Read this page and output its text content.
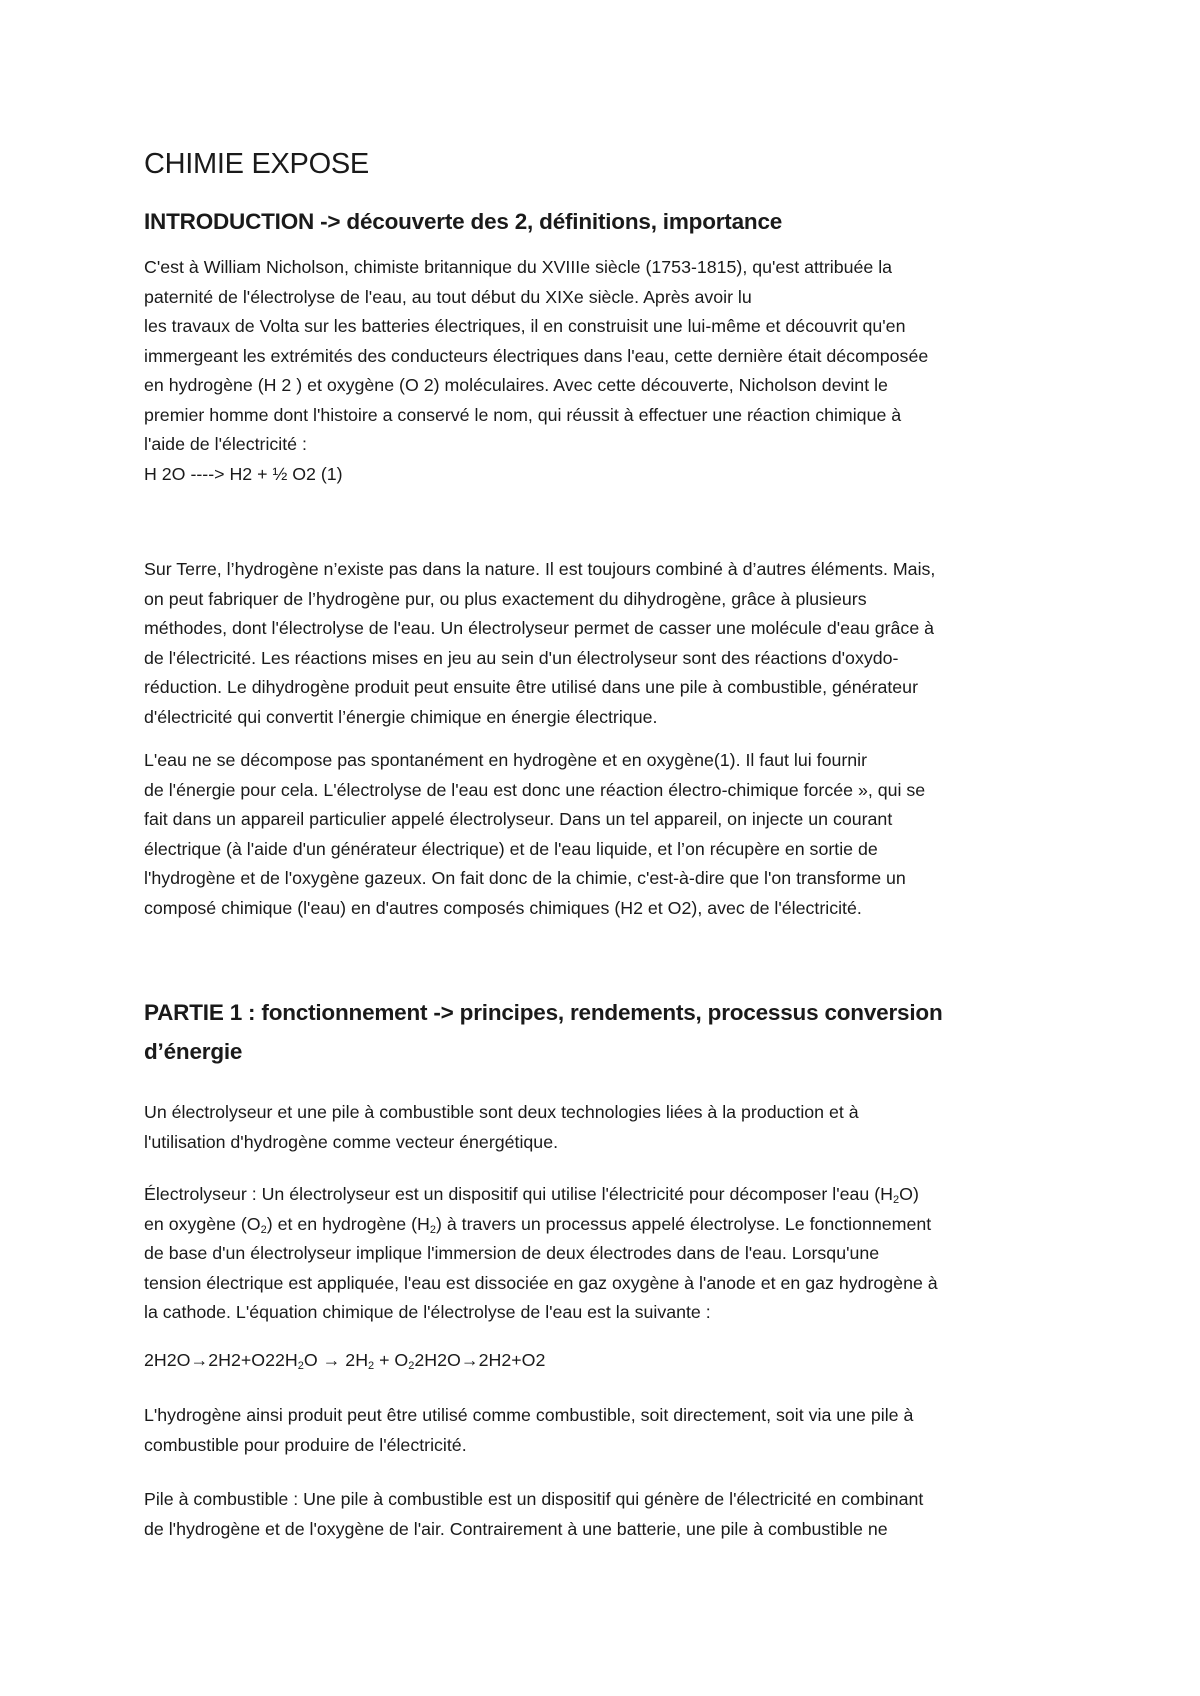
CHIMIE EXPOSE
INTRODUCTION -> découverte des 2, définitions, importance
C'est à William Nicholson, chimiste britannique du XVIIIe siècle (1753-1815), qu'est attribuée la
paternité de l'électrolyse de l'eau, au tout début du XIXe siècle. Après avoir lu
les travaux de Volta sur les batteries électriques, il en construisit une lui-même et découvrit qu'en
immergeant les extrémités des conducteurs électriques dans l'eau, cette dernière était décomposée
en hydrogène (H 2 ) et oxygène (O 2) moléculaires. Avec cette découverte, Nicholson devint le
premier homme dont l'histoire a conservé le nom, qui réussit à effectuer une réaction chimique à
l'aide de l'électricité :
H 2O ----> H2 + ½ O2 (1)
Sur Terre, l’hydrogène n’existe pas dans la nature. Il est toujours combiné à d’autres éléments. Mais,
on peut fabriquer de l’hydrogène pur, ou plus exactement du dihydrogène, grâce à plusieurs
méthodes, dont l'électrolyse de l'eau. Un électrolyseur permet de casser une molécule d'eau grâce à
de l'électricité. Les réactions mises en jeu au sein d'un électrolyseur sont des réactions d'oxydo-
réduction. Le dihydrogène produit peut ensuite être utilisé dans une pile à combustible, générateur
d'électricité qui convertit l’énergie chimique en énergie électrique.
L'eau ne se décompose pas spontanément en hydrogène et en oxygène(1). Il faut lui fournir
de l'énergie pour cela. L'électrolyse de l'eau est donc une réaction électro-chimique forcée », qui se
fait dans un appareil particulier appelé électrolyseur. Dans un tel appareil, on injecte un courant
électrique (à l'aide d'un générateur électrique) et de l'eau liquide, et l’on récupère en sortie de
l'hydrogène et de l'oxygène gazeux. On fait donc de la chimie, c'est-à-dire que l'on transforme un
composé chimique (l'eau) en d'autres composés chimiques (H2 et O2), avec de l'électricité.
PARTIE 1 : fonctionnement -> principes, rendements, processus conversion
d’énergie
Un électrolyseur et une pile à combustible sont deux technologies liées à la production et à
l'utilisation d'hydrogène comme vecteur énergétique.
Électrolyseur : Un électrolyseur est un dispositif qui utilise l'électricité pour décomposer l'eau $(H_2O)$
en oxygène $(O_2)$ et en hydrogène $(H_2)$ à travers un processus appelé électrolyse. Le fonctionnement
de base d'un électrolyseur implique l'immersion de deux électrodes dans de l'eau. Lorsqu'une
tension électrique est appliquée, l'eau est dissociée en gaz oxygène à l'anode et en gaz hydrogène à
la cathode. L'équation chimique de l'électrolyse de l'eau est la suivante :
$2H2O\to 2H2+O22H_2O \to 2H_2 + O_22H2O\to 2H2+O2$
L'hydrogène ainsi produit peut être utilisé comme combustible, soit directement, soit via une pile à
combustible pour produire de l'électricité.
Pile à combustible : Une pile à combustible est un dispositif qui génère de l'électricité en combinant
de l'hydrogène et de l'oxygène de l'air. Contrairement à une batterie, une pile à combustible ne
